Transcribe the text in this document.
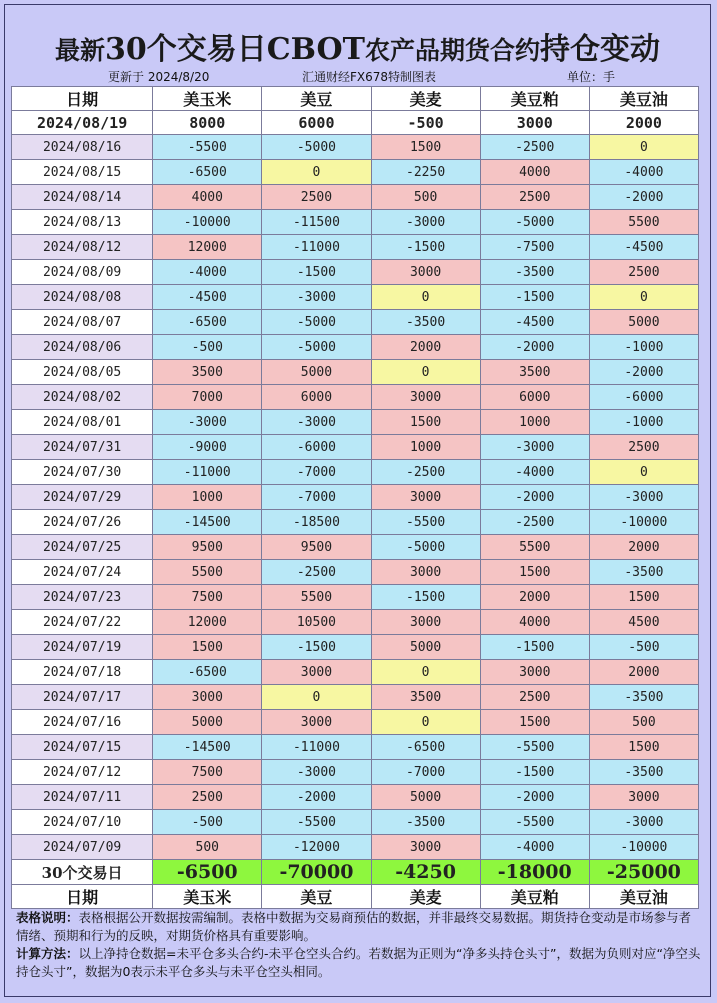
最新30个交易日CBOT农产品期货合约持仓变动
更新于 2024/8/20	汇通财经FX678特制图表	单位：手
日期	美玉米	美豆	美麦	美豆粕	美豆油
2024/08/19	8000	6000	-500	3000	2000
2024/08/16	-5500	-5000	1500	-2500	0
2024/08/15	-6500	0	-2250	4000	-4000
2024/08/14	4000	2500	500	2500	-2000
2024/08/13	-10000	-11500	-3000	-5000	5500
2024/08/12	12000	-11000	-1500	-7500	-4500
2024/08/09	-4000	-1500	3000	-3500	2500
2024/08/08	-4500	-3000	0	-1500	0
2024/08/07	-6500	-5000	-3500	-4500	5000
2024/08/06	-500	-5000	2000	-2000	-1000
2024/08/05	3500	5000	0	3500	-2000
2024/08/02	7000	6000	3000	6000	-6000
2024/08/01	-3000	-3000	1500	1000	-1000
2024/07/31	-9000	-6000	1000	-3000	2500
2024/07/30	-11000	-7000	-2500	-4000	0
2024/07/29	1000	-7000	3000	-2000	-3000
2024/07/26	-14500	-18500	-5500	-2500	-10000
2024/07/25	9500	9500	-5000	5500	2000
2024/07/24	5500	-2500	3000	1500	-3500
2024/07/23	7500	5500	-1500	2000	1500
2024/07/22	12000	10500	3000	4000	4500
2024/07/19	1500	-1500	5000	-1500	-500
2024/07/18	-6500	3000	0	3000	2000
2024/07/17	3000	0	3500	2500	-3500
2024/07/16	5000	3000	0	1500	500
2024/07/15	-14500	-11000	-6500	-5500	1500
2024/07/12	7500	-3000	-7000	-1500	-3500
2024/07/11	2500	-2000	5000	-2000	3000
2024/07/10	-500	-5500	-3500	-5500	-3000
2024/07/09	500	-12000	3000	-4000	-10000
30个交易日	-6500	-70000	-4250	-18000	-25000
日期	美玉米	美豆	美麦	美豆粕	美豆油
表格说明：表格根据公开数据按需编制。表格中数据为交易商预估的数据，并非最终交易数据。期货持仓变动是市场参与者情绪、预期和行为的反映，对期货价格具有重要影响。
计算方法：以上净持仓数据=未平仓多头合约-未平仓空头合约。若数据为正则为“净多头持仓头寸”，数据为负则对应“净空头持仓头寸”，数据为0表示未平仓多头与未平仓空头相同。
